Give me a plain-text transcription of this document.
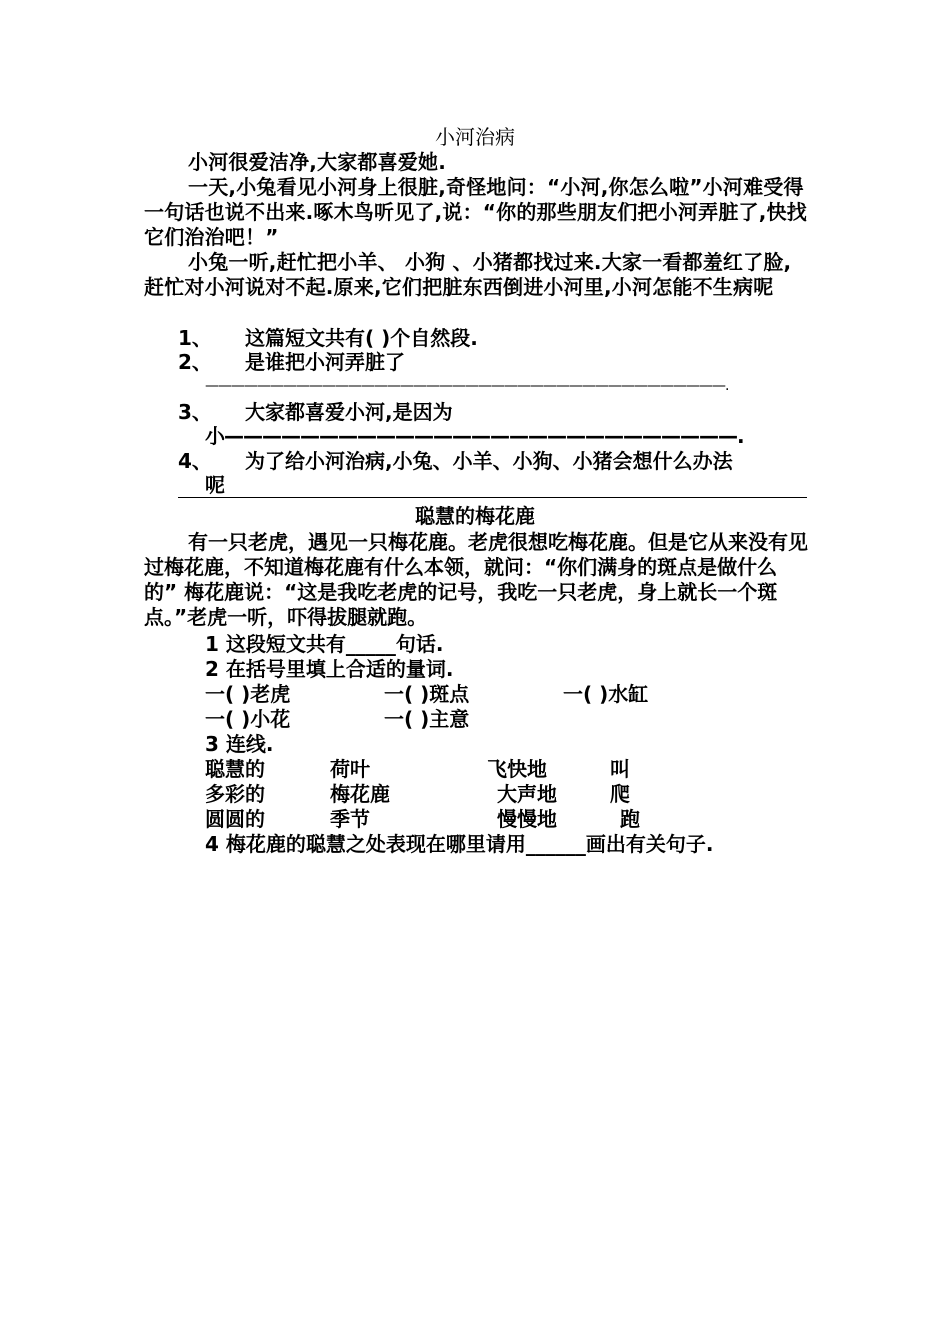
小河治病
小河很爱洁净,大家都喜爱她.
一天,小兔看见小河身上很脏,奇怪地问：“小河,你怎么啦”小河难受得一句话也说不出来.啄木鸟听见了,说：“你的那些朋友们把小河弄脏了,快找它们治治吧！”
小兔一听,赶忙把小羊、 小狗 、小猪都找过来.大家一看都羞红了脸,赶忙对小河说对不起.原来,它们把脏东西倒进小河里,小河怎能不生病呢
1、 这篇短文共有( )个自然段.
2、 是谁把小河弄脏了
————————————————————————————————————————.
3、 大家都喜爱小河,是因为
小———————————————————————————.
4、 为了给小河治病,小兔、小羊、小狗、小猪会想什么办法
呢
聪慧的梅花鹿
有一只老虎，遇见一只梅花鹿。老虎很想吃梅花鹿。但是它从来没有见过梅花鹿，不知道梅花鹿有什么本领，就问：“你们满身的斑点是做什么的” 梅花鹿说：“这是我吃老虎的记号，我吃一只老虎，身上就长一个斑点。”老虎一听，吓得拔腿就跑。
1 这段短文共有_____句话.
2 在括号里填上合适的量词.
一( )老虎	一( )斑点	一( )水缸
一( )小花	一( )主意
3 连线.
聪慧的	荷叶	飞快地	叫
多彩的	梅花鹿	大声地	爬
圆圆的	季节	慢慢地	跑
4 梅花鹿的聪慧之处表现在哪里请用______画出有关句子.
